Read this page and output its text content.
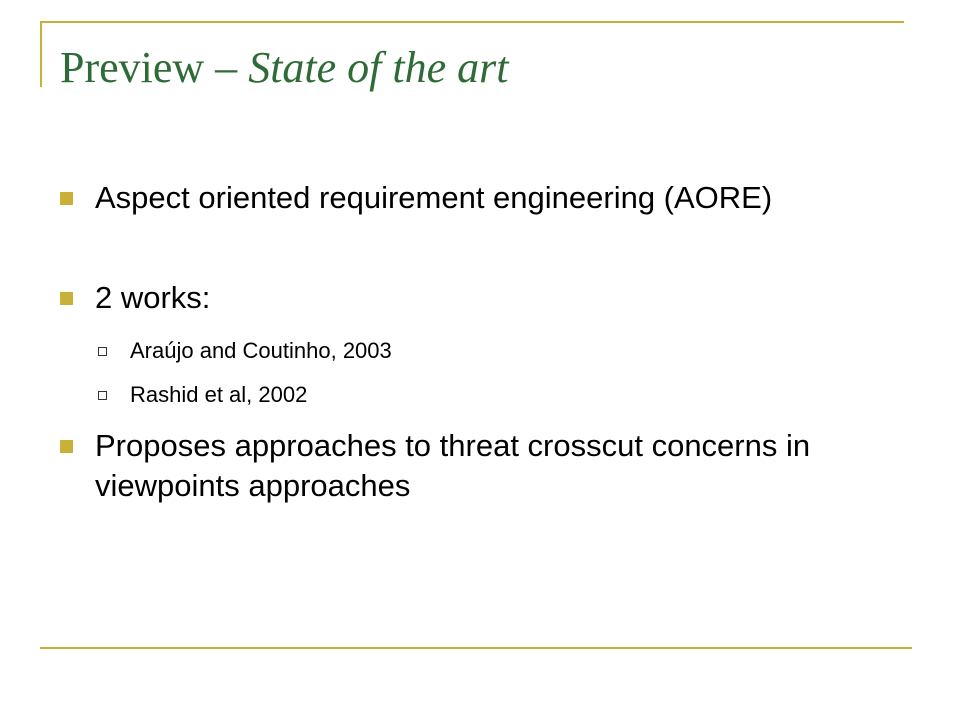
Preview – State of the art
Aspect oriented requirement engineering (AORE)
2 works:
Araújo and Coutinho, 2003
Rashid et al, 2002
Proposes approaches to threat crosscut concerns in viewpoints approaches
